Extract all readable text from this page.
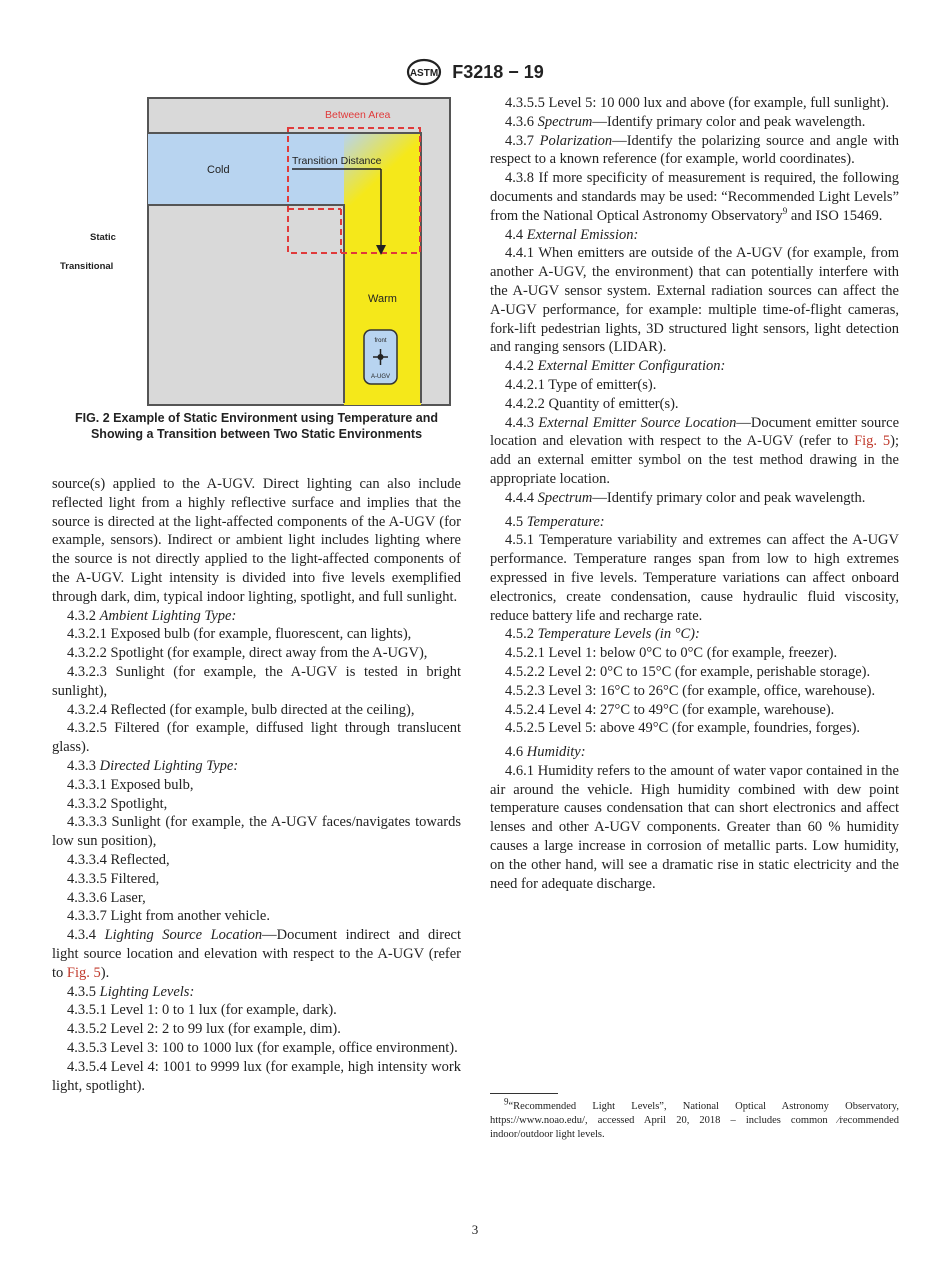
ASTM F3218 − 19
Between Area
Transition Distance
Cold
Warm
Static
Transitional
front
A-UGV
FIG. 2 Example of Static Environment using Temperature and
Showing a Transition between Two Static Environments

source(s) applied to the A-UGV. Direct lighting can also include reflected light from a highly reflective surface and implies that the source is directed at the light-affected components of the A-UGV (for example, sensors). Indirect or ambient light includes lighting where the source is not directly applied to the light-affected components of the A-UGV. Light intensity is divided into five levels exemplified through dark, dim, typical indoor lighting, spotlight, and full sunlight.

4.3.2 Ambient Lighting Type:

4.3.2.1 Exposed bulb (for example, fluorescent, can lights),

4.3.2.2 Spotlight (for example, direct away from the A-UGV),

4.3.2.3 Sunlight (for example, the A-UGV is tested in bright sunlight),

4.3.2.4 Reflected (for example, bulb directed at the ceiling),

4.3.2.5 Filtered (for example, diffused light through translucent glass).

4.3.3 Directed Lighting Type:

4.3.3.1 Exposed bulb,

4.3.3.2 Spotlight,

4.3.3.3 Sunlight (for example, the A-UGV faces/navigates towards low sun position),

4.3.3.4 Reflected,

4.3.3.5 Filtered,

4.3.3.6 Laser,

4.3.3.7 Light from another vehicle.

4.3.4 Lighting Source Location—Document indirect and direct light source location and elevation with respect to the A-UGV (refer to Fig. 5).

4.3.5 Lighting Levels:

4.3.5.1 Level 1: 0 to 1 lux (for example, dark).

4.3.5.2 Level 2: 2 to 99 lux (for example, dim).

4.3.5.3 Level 3: 100 to 1000 lux (for example, office environment).

4.3.5.4 Level 4: 1001 to 9999 lux (for example, high intensity work light, spotlight).

4.3.5.5 Level 5: 10 000 lux and above (for example, full sunlight).

4.3.6 Spectrum—Identify primary color and peak wavelength.

4.3.7 Polarization—Identify the polarizing source and angle with respect to a known reference (for example, world coordinates).

4.3.8 If more specificity of measurement is required, the following documents and standards may be used: “Recommended Light Levels” from the National Optical Astronomy Observatory$^9$ and ISO 15469.

4.4 External Emission:

4.4.1 When emitters are outside of the A-UGV (for example, from another A-UGV, the environment) that can potentially interfere with the A-UGV sensor system. External radiation sources can affect the A-UGV performance, for example: multiple time-of-flight cameras, fork-lift pedestrian lights, 3D structured light sensors, light detection and ranging sensors (LIDAR).

4.4.2 External Emitter Configuration:

4.4.2.1 Type of emitter(s).

4.4.2.2 Quantity of emitter(s).

4.4.3 External Emitter Source Location—Document emitter source location and elevation with respect to the A-UGV (refer to Fig. 5); add an external emitter symbol on the test method drawing in the appropriate location.

4.4.4 Spectrum—Identify primary color and peak wavelength.

4.5 Temperature:

4.5.1 Temperature variability and extremes can affect the A-UGV performance. Temperature ranges span from low to high extremes expressed in five levels. Temperature variations can affect onboard electronics, create condensation, cause hydraulic fluid viscosity, reduce battery life and recharge rate.

4.5.2 Temperature Levels (in °C):

4.5.2.1 Level 1: below 0°C to 0°C (for example, freezer).

4.5.2.2 Level 2: 0°C to 15°C (for example, perishable storage).

4.5.2.3 Level 3: 16°C to 26°C (for example, office, warehouse).

4.5.2.4 Level 4: 27°C to 49°C (for example, warehouse).

4.5.2.5 Level 5: above 49°C (for example, foundries, forges).

4.6 Humidity:

4.6.1 Humidity refers to the amount of water vapor contained in the air around the vehicle. High humidity combined with dew point temperature causes condensation that can short electronics and affect lenses and other A-UGV components. Greater than 60 % humidity causes a large increase in corrosion of metallic parts. Low humidity, on the other hand, will see a dramatic rise in static electricity and the need for adequate discharge.

$^9$“Recommended Light Levels”, National Optical Astronomy Observatory, https://www.noao.edu/, accessed April 20, 2018 – includes common ⁄recommended indoor/outdoor light levels.
3
